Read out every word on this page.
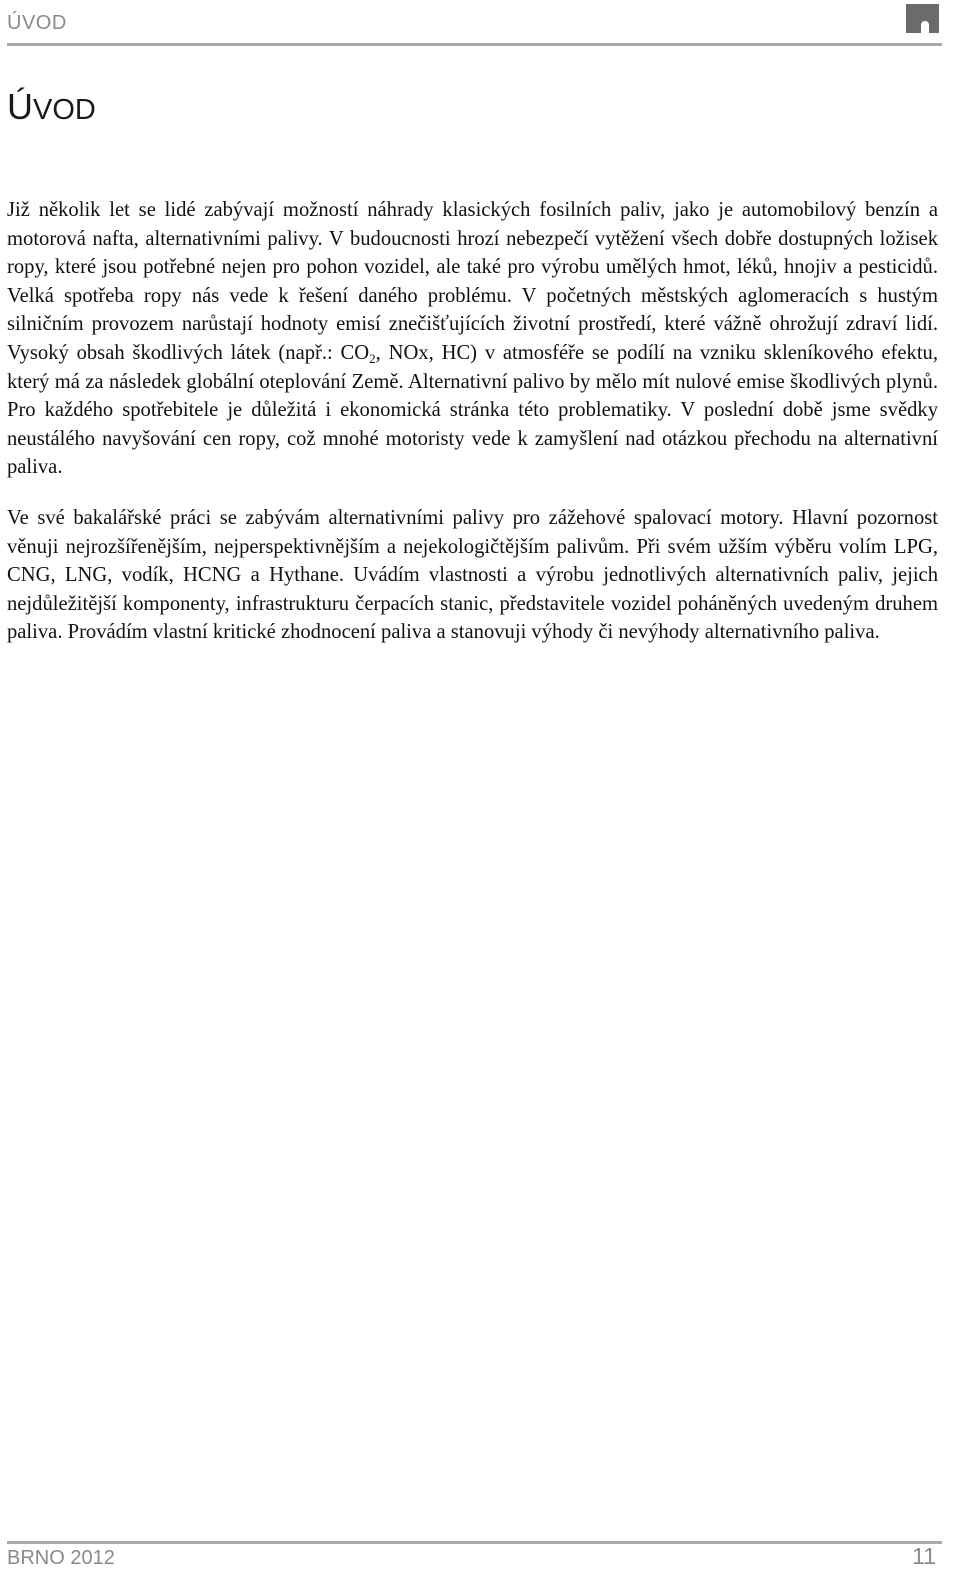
ÚVOD
ÚVOD

Již několik let se lidé zabývají možností náhrady klasických fosilních paliv, jako je automobilový benzín a motorová nafta, alternativními palivy. V budoucnosti hrozí nebezpečí vytěžení všech dobře dostupných ložisek ropy, které jsou potřebné nejen pro pohon vozidel, ale také pro výrobu umělých hmot, léků, hnojiv a pesticidů. Velká spotřeba ropy nás vede k řešení daného problému. V početných městských aglomeracích s hustým silničním provozem narůstají hodnoty emisí znečišťujících životní prostředí, které vážně ohrožují zdraví lidí. Vysoký obsah škodlivých látek (např.: $CO_2$, NOx, HC) v atmosféře se podílí na vzniku skleníkového efektu, který má za následek globální oteplování Země. Alternativní palivo by mělo mít nulové emise škodlivých plynů. Pro každého spotřebitele je důležitá i ekonomická stránka této problematiky. V poslední době jsme svědky neustálého navyšování cen ropy, což mnohé motoristy vede k zamyšlení nad otázkou přechodu na alternativní paliva.

Ve své bakalářské práci se zabývám alternativními palivy pro zážehové spalovací motory. Hlavní pozornost věnuji nejrozšířenějším, nejperspektivnějším a nejekologičtějším palivům. Při svém užším výběru volím LPG, CNG, LNG, vodík, HCNG a Hythane. Uvádím vlastnosti a výrobu jednotlivých alternativních paliv, jejich nejdůležitější komponenty, infrastrukturu čerpacích stanic, představitele vozidel poháněných uvedeným druhem paliva. Provádím vlastní kritické zhodnocení paliva a stanovuji výhody či nevýhody alternativního paliva.

BRNO 2012	11
